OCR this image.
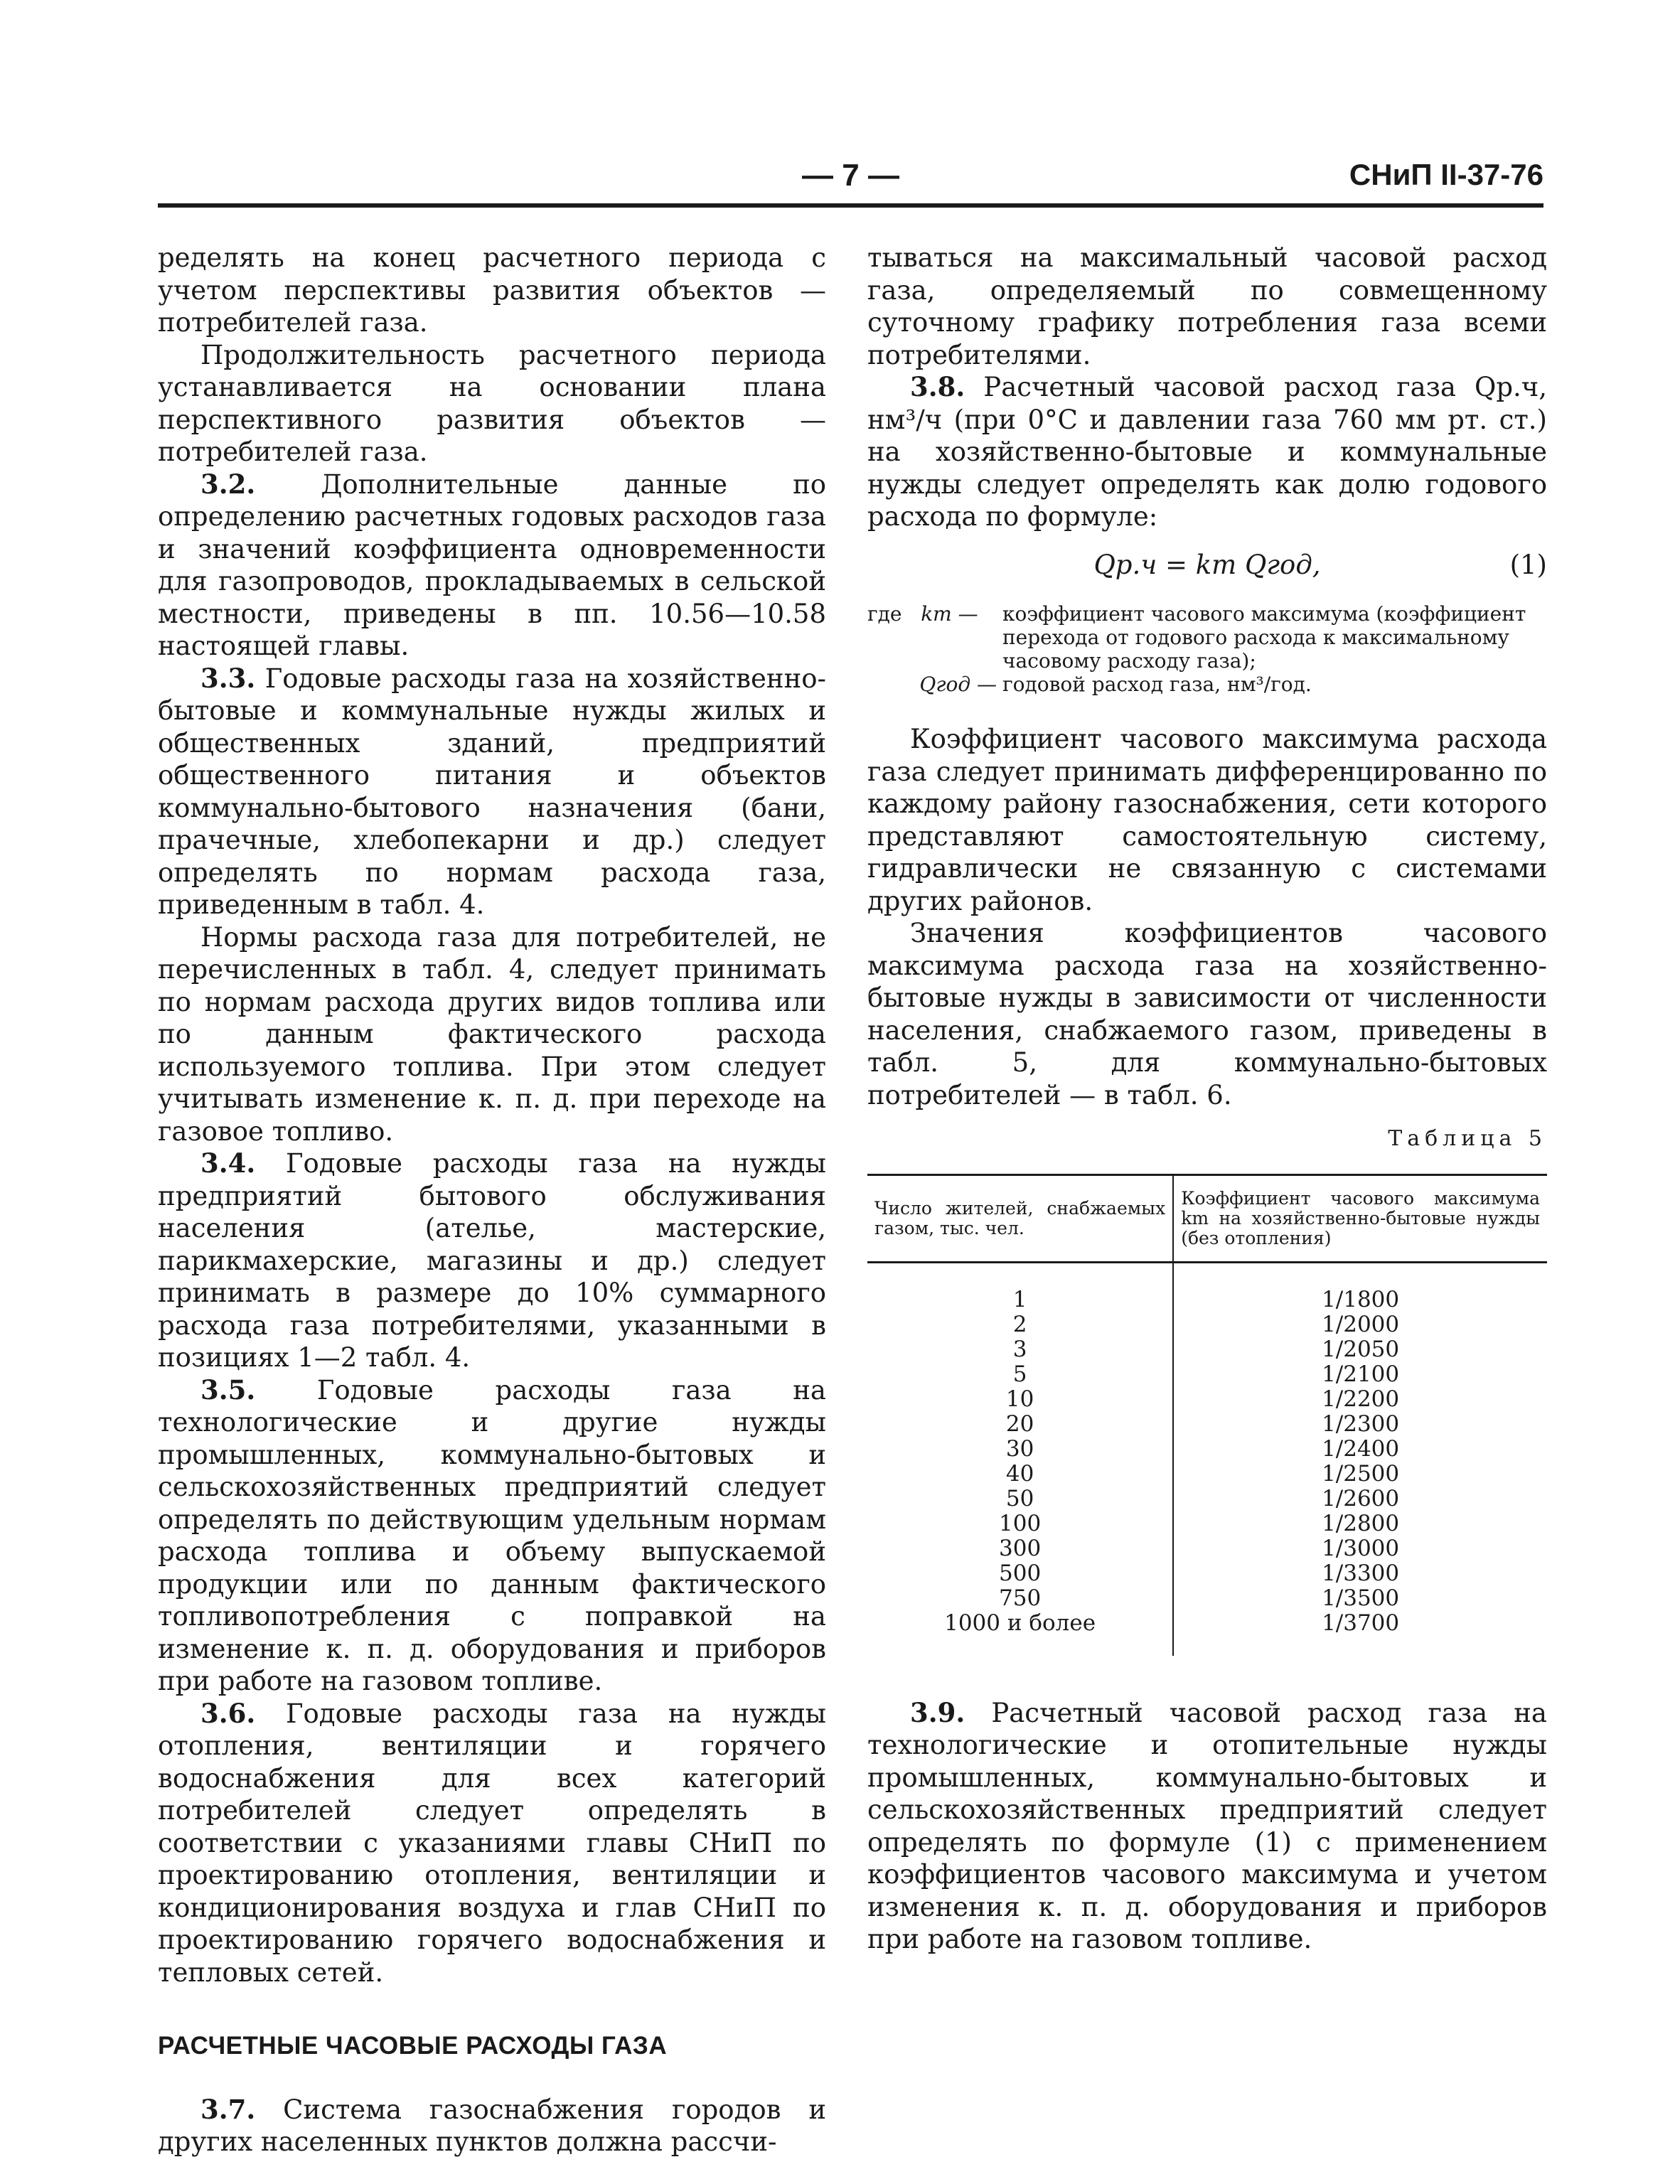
— 7 —	СНиП II-37-76

ределять на конец расчетного периода с учетом перспективы развития объектов — потребителей газа.

Продолжительность расчетного периода устанавливается на основании плана перспективного развития объектов — потребителей газа.

3.2. Дополнительные данные по определению расчетных годовых расходов газа и значений коэффициента одновременности для газопроводов, прокладываемых в сельской местности, приведены в пп. 10.56—10.58 настоящей главы.

3.3. Годовые расходы газа на хозяйственно-бытовые и коммунальные нужды жилых и общественных зданий, предприятий общественного питания и объектов коммунально-бытового назначения (бани, прачечные, хлебопекарни и др.) следует определять по нормам расхода газа, приведенным в табл. 4.

Нормы расхода газа для потребителей, не перечисленных в табл. 4, следует принимать по нормам расхода других видов топлива или по данным фактического расхода используемого топлива. При этом следует учитывать изменение к. п. д. при переходе на газовое топливо.

3.4. Годовые расходы газа на нужды предприятий бытового обслуживания населения (ателье, мастерские, парикмахерские, магазины и др.) следует принимать в размере до 10% суммарного расхода газа потребителями, указанными в позициях 1—2 табл. 4.

3.5. Годовые расходы газа на технологические и другие нужды промышленных, коммунально-бытовых и сельскохозяйственных предприятий следует определять по действующим удельным нормам расхода топлива и объему выпускаемой продукции или по данным фактического топливопотребления с поправкой на изменение к. п. д. оборудования и приборов при работе на газовом топливе.

3.6. Годовые расходы газа на нужды отопления, вентиляции и горячего водоснабжения для всех категорий потребителей следует определять в соответствии с указаниями главы СНиП по проектированию отопления, вентиляции и кондиционирования воздуха и глав СНиП по проектированию горячего водоснабжения и тепловых сетей.

РАСЧЕТНЫЕ ЧАСОВЫЕ РАСХОДЫ ГАЗА

3.7. Система газоснабжения городов и других населенных пунктов должна рассчи-

тываться на максимальный часовой расход газа, определяемый по совмещенному суточному графику потребления газа всеми потребителями.

3.8. Расчетный часовой расход газа Qр.ч, нм³/ч (при 0°С и давлении газа 760 мм рт. ст.) на хозяйственно-бытовые и коммунальные нужды следует определять как долю годового расхода по формуле:

Qр.ч = km Qгод,	(1)

где km —	коэффициент часового максимума (коэффициент перехода от годового расхода к максимальному часовому расходу газа);
Qгод — годовой расход газа, нм³/год.

Коэффициент часового максимума расхода газа следует принимать дифференцированно по каждому району газоснабжения, сети которого представляют самостоятельную систему, гидравлически не связанную с системами других районов.

Значения коэффициентов часового максимума расхода газа на хозяйственно-бытовые нужды в зависимости от численности населения, снабжаемого газом, приведены в табл. 5, для коммунально-бытовых потребителей — в табл. 6.

Таблица 5

Число жителей, снабжаемых газом, тыс. чел.	Коэффициент часового максимума km на хозяйственно-бытовые нужды (без отопления)
1	1/1800
2	1/2000
3	1/2050
5	1/2100
10	1/2200
20	1/2300
30	1/2400
40	1/2500
50	1/2600
100	1/2800
300	1/3000
500	1/3300
750	1/3500
1000 и более	1/3700

3.9. Расчетный часовой расход газа на технологические и отопительные нужды промышленных, коммунально-бытовых и сельскохозяйственных предприятий следует определять по формуле (1) с применением коэффициентов часового максимума и учетом изменения к. п. д. оборудования и приборов при работе на газовом топливе.
